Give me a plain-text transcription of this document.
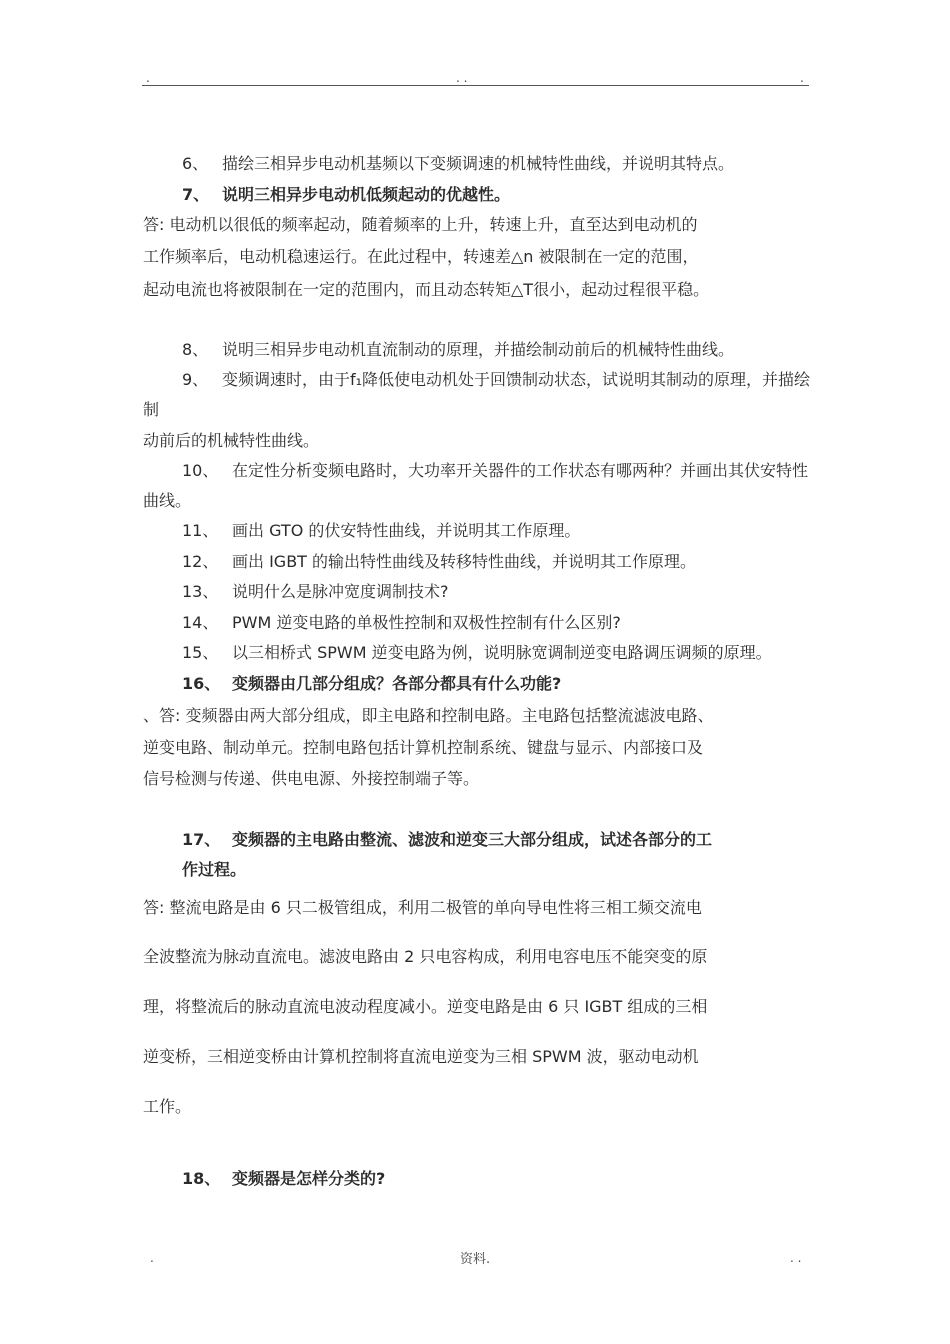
.	. .	.
6、 描绘三相异步电动机基频以下变频调速的机械特性曲线，并说明其特点。
7、 说明三相异步电动机低频起动的优越性。
答: 电动机以很低的频率起动，随着频率的上升，转速上升，直至达到电动机的
工作频率后，电动机稳速运行。在此过程中，转速差△n 被限制在一定的范围，
起动电流也将被限制在一定的范围内，而且动态转矩△T很小，起动过程很平稳。
8、 说明三相异步电动机直流制动的原理，并描绘制动前后的机械特性曲线。
9、 变频调速时，由于f₁降低使电动机处于回馈制动状态，试说明其制动的原理，并描绘
制
动前后的机械特性曲线。
10、 在定性分析变频电路时，大功率开关器件的工作状态有哪两种？并画出其伏安特性
曲线。
11、 画出 GTO 的伏安特性曲线，并说明其工作原理。
12、 画出 IGBT 的输出特性曲线及转移特性曲线，并说明其工作原理。
13、 说明什么是脉冲宽度调制技术?
14、 PWM 逆变电路的单极性控制和双极性控制有什么区别?
15、 以三相桥式 SPWM 逆变电路为例，说明脉宽调制逆变电路调压调频的原理。
16、 变频器由几部分组成？各部分都具有什么功能?
、答: 变频器由两大部分组成，即主电路和控制电路。主电路包括整流滤波电路、
逆变电路、制动单元。控制电路包括计算机控制系统、键盘与显示、内部接口及
信号检测与传递、供电电源、外接控制端子等。
17、 变频器的主电路由整流、滤波和逆变三大部分组成，试述各部分的工
作过程。
答: 整流电路是由 6 只二极管组成，利用二极管的单向导电性将三相工频交流电
全波整流为脉动直流电。滤波电路由 2 只电容构成，利用电容电压不能突变的原
理，将整流后的脉动直流电波动程度减小。逆变电路是由 6 只 IGBT 组成的三相
逆变桥，三相逆变桥由计算机控制将直流电逆变为三相 SPWM 波，驱动电动机
工作。
18、 变频器是怎样分类的?
.	资料.	. .
